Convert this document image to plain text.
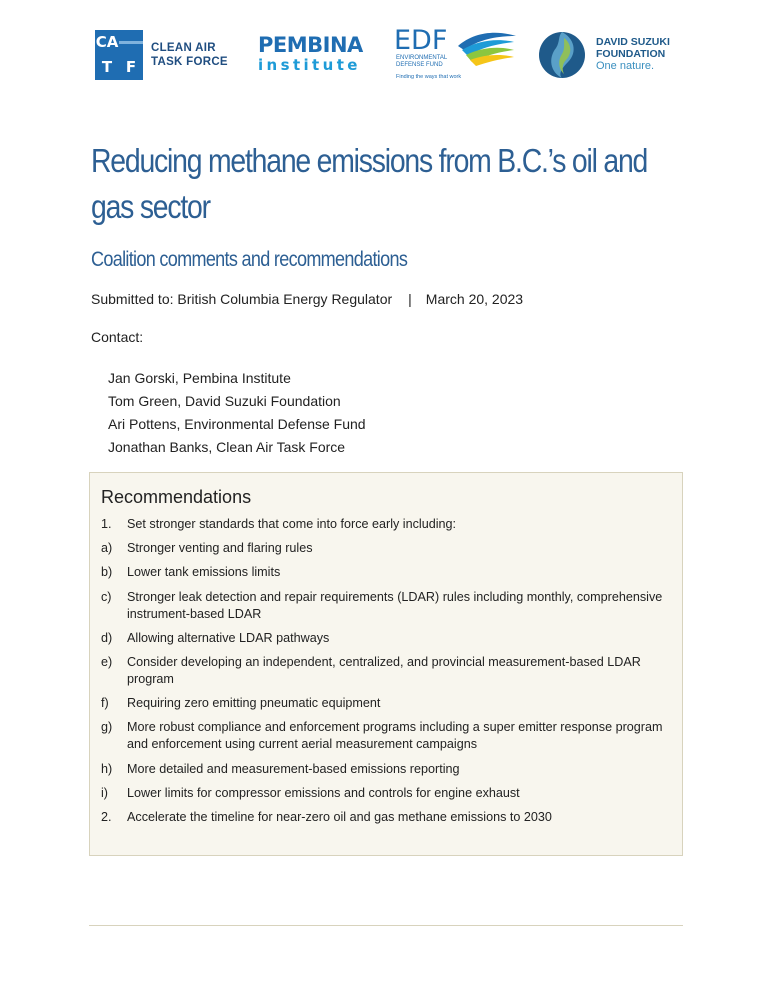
CA
T F
CLEAN AIR
TASK FORCE
PEMBINA
institute
EDF
ENVIRONMENTAL
DEFENSE FUND
Finding the ways that work
DAVID SUZUKI
FOUNDATION
One nature.
Reducing methane emissions from B.C.’s oil and gas sector
Coalition comments and recommendations
Submitted to: British Columbia Energy Regulator | March 20, 2023
Contact:
Jan Gorski, Pembina Institute
Tom Green, David Suzuki Foundation
Ari Pottens, Environmental Defense Fund
Jonathan Banks, Clean Air Task Force
Recommendations
1.	Set stronger standards that come into force early including:
a)	Stronger venting and flaring rules
b)	Lower tank emissions limits
c)	Stronger leak detection and repair requirements (LDAR) rules including monthly, comprehensive instrument-based LDAR
d)	Allowing alternative LDAR pathways
e)	Consider developing an independent, centralized, and provincial measurement-based LDAR program
f)	Requiring zero emitting pneumatic equipment
g)	More robust compliance and enforcement programs including a super emitter response program and enforcement using current aerial measurement campaigns
h)	More detailed and measurement-based emissions reporting
i)	Lower limits for compressor emissions and controls for engine exhaust
2.	Accelerate the timeline for near-zero oil and gas methane emissions to 2030
